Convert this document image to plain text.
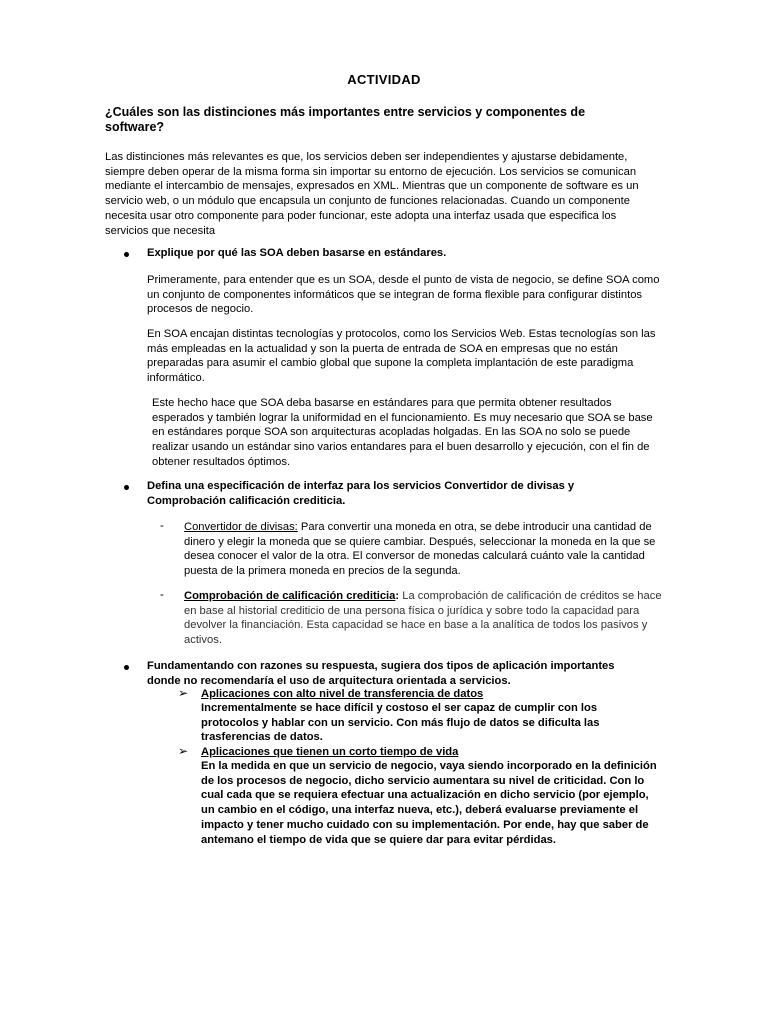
ACTIVIDAD
¿Cuáles son las distinciones más importantes entre servicios y componentes de software?
Las distinciones más relevantes es que, los servicios deben ser independientes y ajustarse debidamente, siempre deben operar de la misma forma sin importar su entorno de ejecución. Los servicios se comunican mediante el intercambio de mensajes, expresados en XML. Mientras que un componente de software es un servicio web, o un módulo que encapsula un conjunto de funciones relacionadas. Cuando un componente necesita usar otro componente para poder funcionar, este adopta una interfaz usada que especifica los servicios que necesita
Explique por qué las SOA deben basarse en estándares.
Primeramente, para entender que es un SOA, desde el punto de vista de negocio, se define SOA como un conjunto de componentes informáticos que se integran de forma flexible para configurar distintos procesos de negocio.
En SOA encajan distintas tecnologías y protocolos, como los Servicios Web. Estas tecnologías son las más empleadas en la actualidad y son la puerta de entrada de SOA en empresas que no están preparadas para asumir el cambio global que supone la completa implantación de este paradigma informático.
Este hecho hace que SOA deba basarse en estándares para que permita obtener resultados esperados y también lograr la uniformidad en el funcionamiento. Es muy necesario que SOA se base en estándares porque SOA son arquitecturas acopladas holgadas. En las SOA no solo se puede realizar usando un estándar sino varios entandares para el buen desarrollo y ejecución, con el fin de obtener resultados óptimos.
Defina una especificación de interfaz para los servicios Convertidor de divisas y Comprobación calificación crediticia.
- Convertidor de divisas: Para convertir una moneda en otra, se debe introducir una cantidad de dinero y elegir la moneda que se quiere cambiar. Después, seleccionar la moneda en la que se desea conocer el valor de la otra. El conversor de monedas calculará cuánto vale la cantidad puesta de la primera moneda en precios de la segunda.
- Comprobación de calificación crediticia: La comprobación de calificación de créditos se hace en base al historial crediticio de una persona física o jurídica y sobre todo la capacidad para devolver la financiación. Esta capacidad se hace en base a la analítica de todos los pasivos y activos.
Fundamentando con razones su respuesta, sugiera dos tipos de aplicación importantes donde no recomendaría el uso de arquitectura orientada a servicios.
➢ Aplicaciones con alto nivel de transferencia de datos
Incrementalmente se hace difícil y costoso el ser capaz de cumplir con los protocolos y hablar con un servicio. Con más flujo de datos se dificulta las trasferencias de datos.
➢ Aplicaciones que tienen un corto tiempo de vida
En la medida en que un servicio de negocio, vaya siendo incorporado en la definición de los procesos de negocio, dicho servicio aumentara su nivel de criticidad. Con lo cual cada que se requiera efectuar una actualización en dicho servicio (por ejemplo, un cambio en el código, una interfaz nueva, etc.), deberá evaluarse previamente el impacto y tener mucho cuidado con su implementación. Por ende, hay que saber de antemano el tiempo de vida que se quiere dar para evitar pérdidas.
